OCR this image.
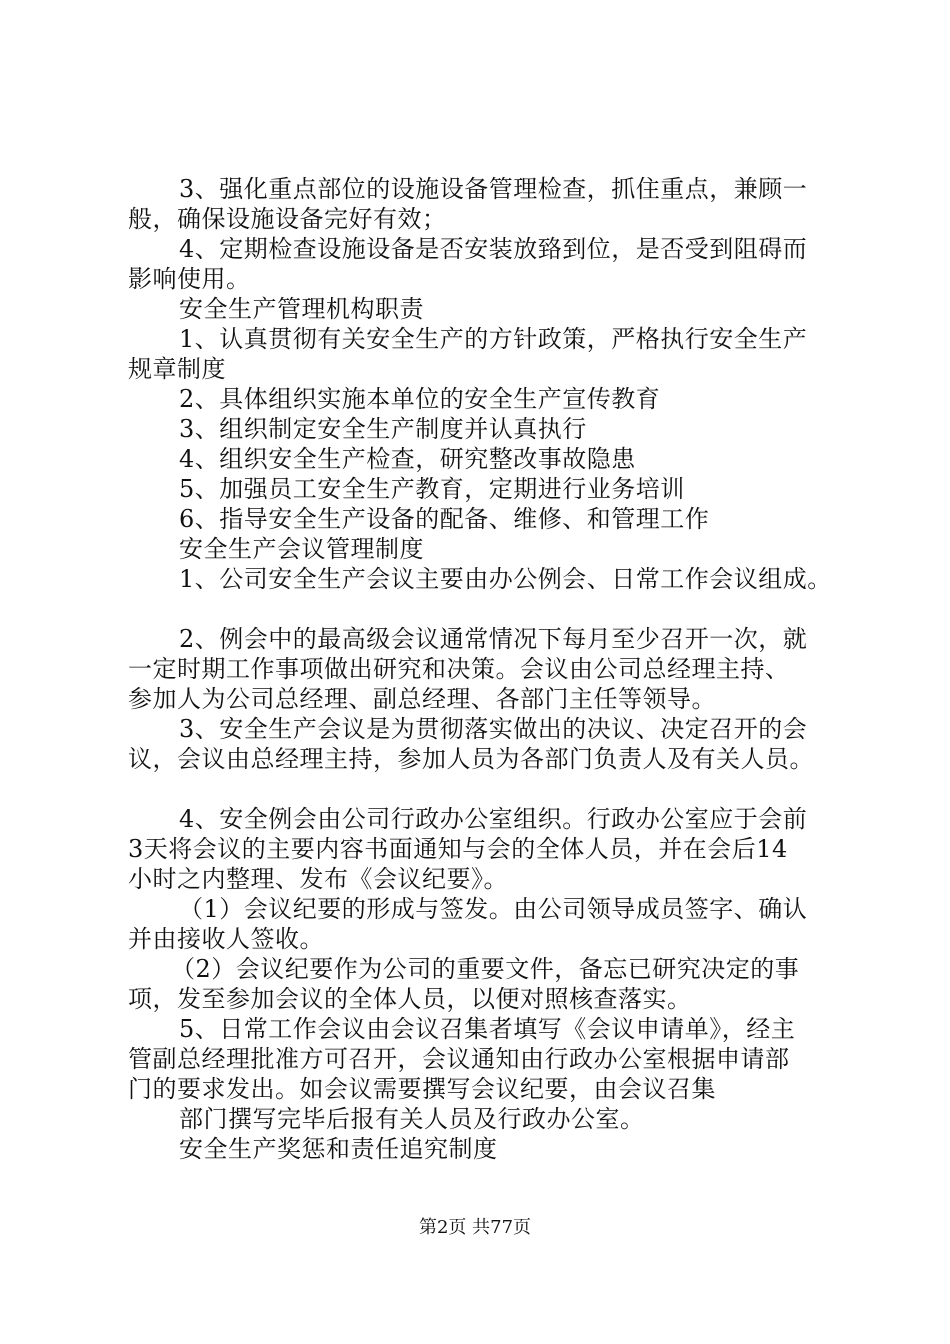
3、强化重点部位的设施设备管理检查，抓住重点，兼顾一
般，确保设施设备完好有效；
4、定期检查设施设备是否安装放臵到位，是否受到阻碍而
影响使用。
安全生产管理机构职责
1、认真贯彻有关安全生产的方针政策，严格执行安全生产
规章制度
2、具体组织实施本单位的安全生产宣传教育
3、组织制定安全生产制度并认真执行
4、组织安全生产检查，研究整改事故隐患
5、加强员工安全生产教育，定期进行业务培训
6、指导安全生产设备的配备、维修、和管理工作
安全生产会议管理制度
1、公司安全生产会议主要由办公例会、日常工作会议组成。
2、例会中的最高级会议通常情况下每月至少召开一次，就
一定时期工作事项做出研究和决策。会议由公司总经理主持、
参加人为公司总经理、副总经理、各部门主任等领导。
3、安全生产会议是为贯彻落实做出的决议、决定召开的会
议，会议由总经理主持，参加人员为各部门负责人及有关人员。
4、安全例会由公司行政办公室组织。行政办公室应于会前
3天将会议的主要内容书面通知与会的全体人员，并在会后14
小时之内整理、发布《会议纪要》。
（1）会议纪要的形成与签发。由公司领导成员签字、确认
并由接收人签收。
（2）会议纪要作为公司的重要文件，备忘已研究决定的事
项，发至参加会议的全体人员，以便对照核查落实。
5、日常工作会议由会议召集者填写《会议申请单》，经主
管副总经理批准方可召开，会议通知由行政办公室根据申请部
门的要求发出。如会议需要撰写会议纪要，由会议召集
部门撰写完毕后报有关人员及行政办公室。
安全生产奖惩和责任追究制度
第2页 共77页
